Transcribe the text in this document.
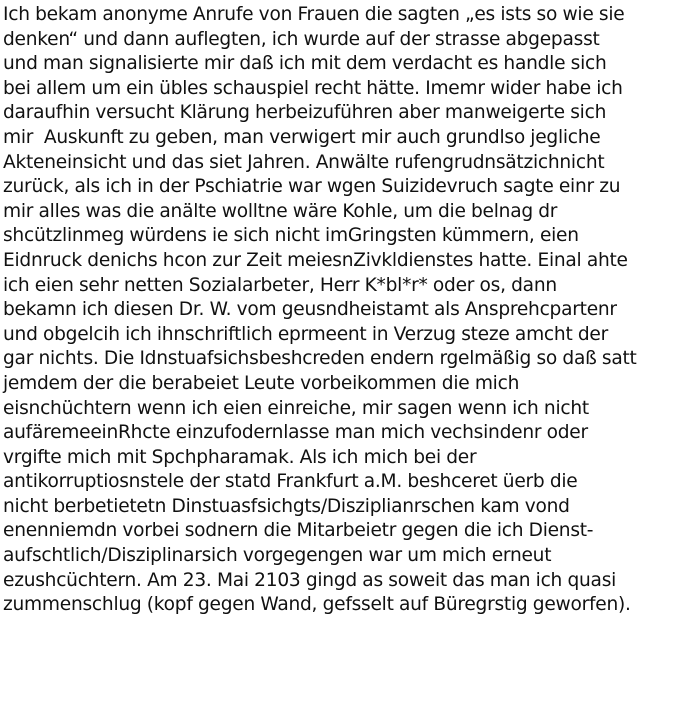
Ich bekam anonyme Anrufe von Frauen die sagten „es ists so wie sie
denken“ und dann auflegten, ich wurde auf der strasse abgepasst
und man signalisierte mir daß ich mit dem verdacht es handle sich
bei allem um ein übles schauspiel recht hätte. Imemr wider habe ich
daraufhin versucht Klärung herbeizuführen aber manweigerte sich
mir  Auskunft zu geben, man verwigert mir auch grundlso jegliche
Akteneinsicht und das siet Jahren. Anwälte rufengrudnsätzichnicht
zurück, als ich in der Pschiatrie war wgen Suizidevruch sagte einr zu
mir alles was die anälte wolltne wäre Kohle, um die belnag dr
shcützlinmeg würdens ie sich nicht imGringsten kümmern, eien
Eidnruck denichs hcon zur Zeit meiesnZivkldienstes hatte. Einal ahte
ich eien sehr netten Sozialarbeter, Herr K*bl*r* oder os, dann
bekamn ich diesen Dr. W. vom geusndheistamt als Ansprehcpartenr
und obgelcih ich ihnschriftlich eprmeent in Verzug steze amcht der
gar nichts. Die Idnstuafsichsbeshcreden endern rgelmäßig so daß satt
jemdem der die berabeiet Leute vorbeikommen die mich
eisnchüchtern wenn ich eien einreiche, mir sagen wenn ich nicht
aufäremeeinRhcte einzufodernlasse man mich vechsindenr oder
vrgifte mich mit Spchpharamak. Als ich mich bei der
antikorruptiosnstele der statd Frankfurt a.M. beshceret üerb die
nicht berbetietetn Dinstuasfsichgts/Disziplianrschen kam vond
enenniemdn vorbei sodnern die Mitarbeietr gegen die ich Dienst-
aufschtlich/Disziplinarsich vorgegengen war um mich erneut
ezushcüchtern. Am 23. Mai 2103 gingd as soweit das man ich quasi
zummenschlug (kopf gegen Wand, gefsselt auf Büregrstig geworfen).
